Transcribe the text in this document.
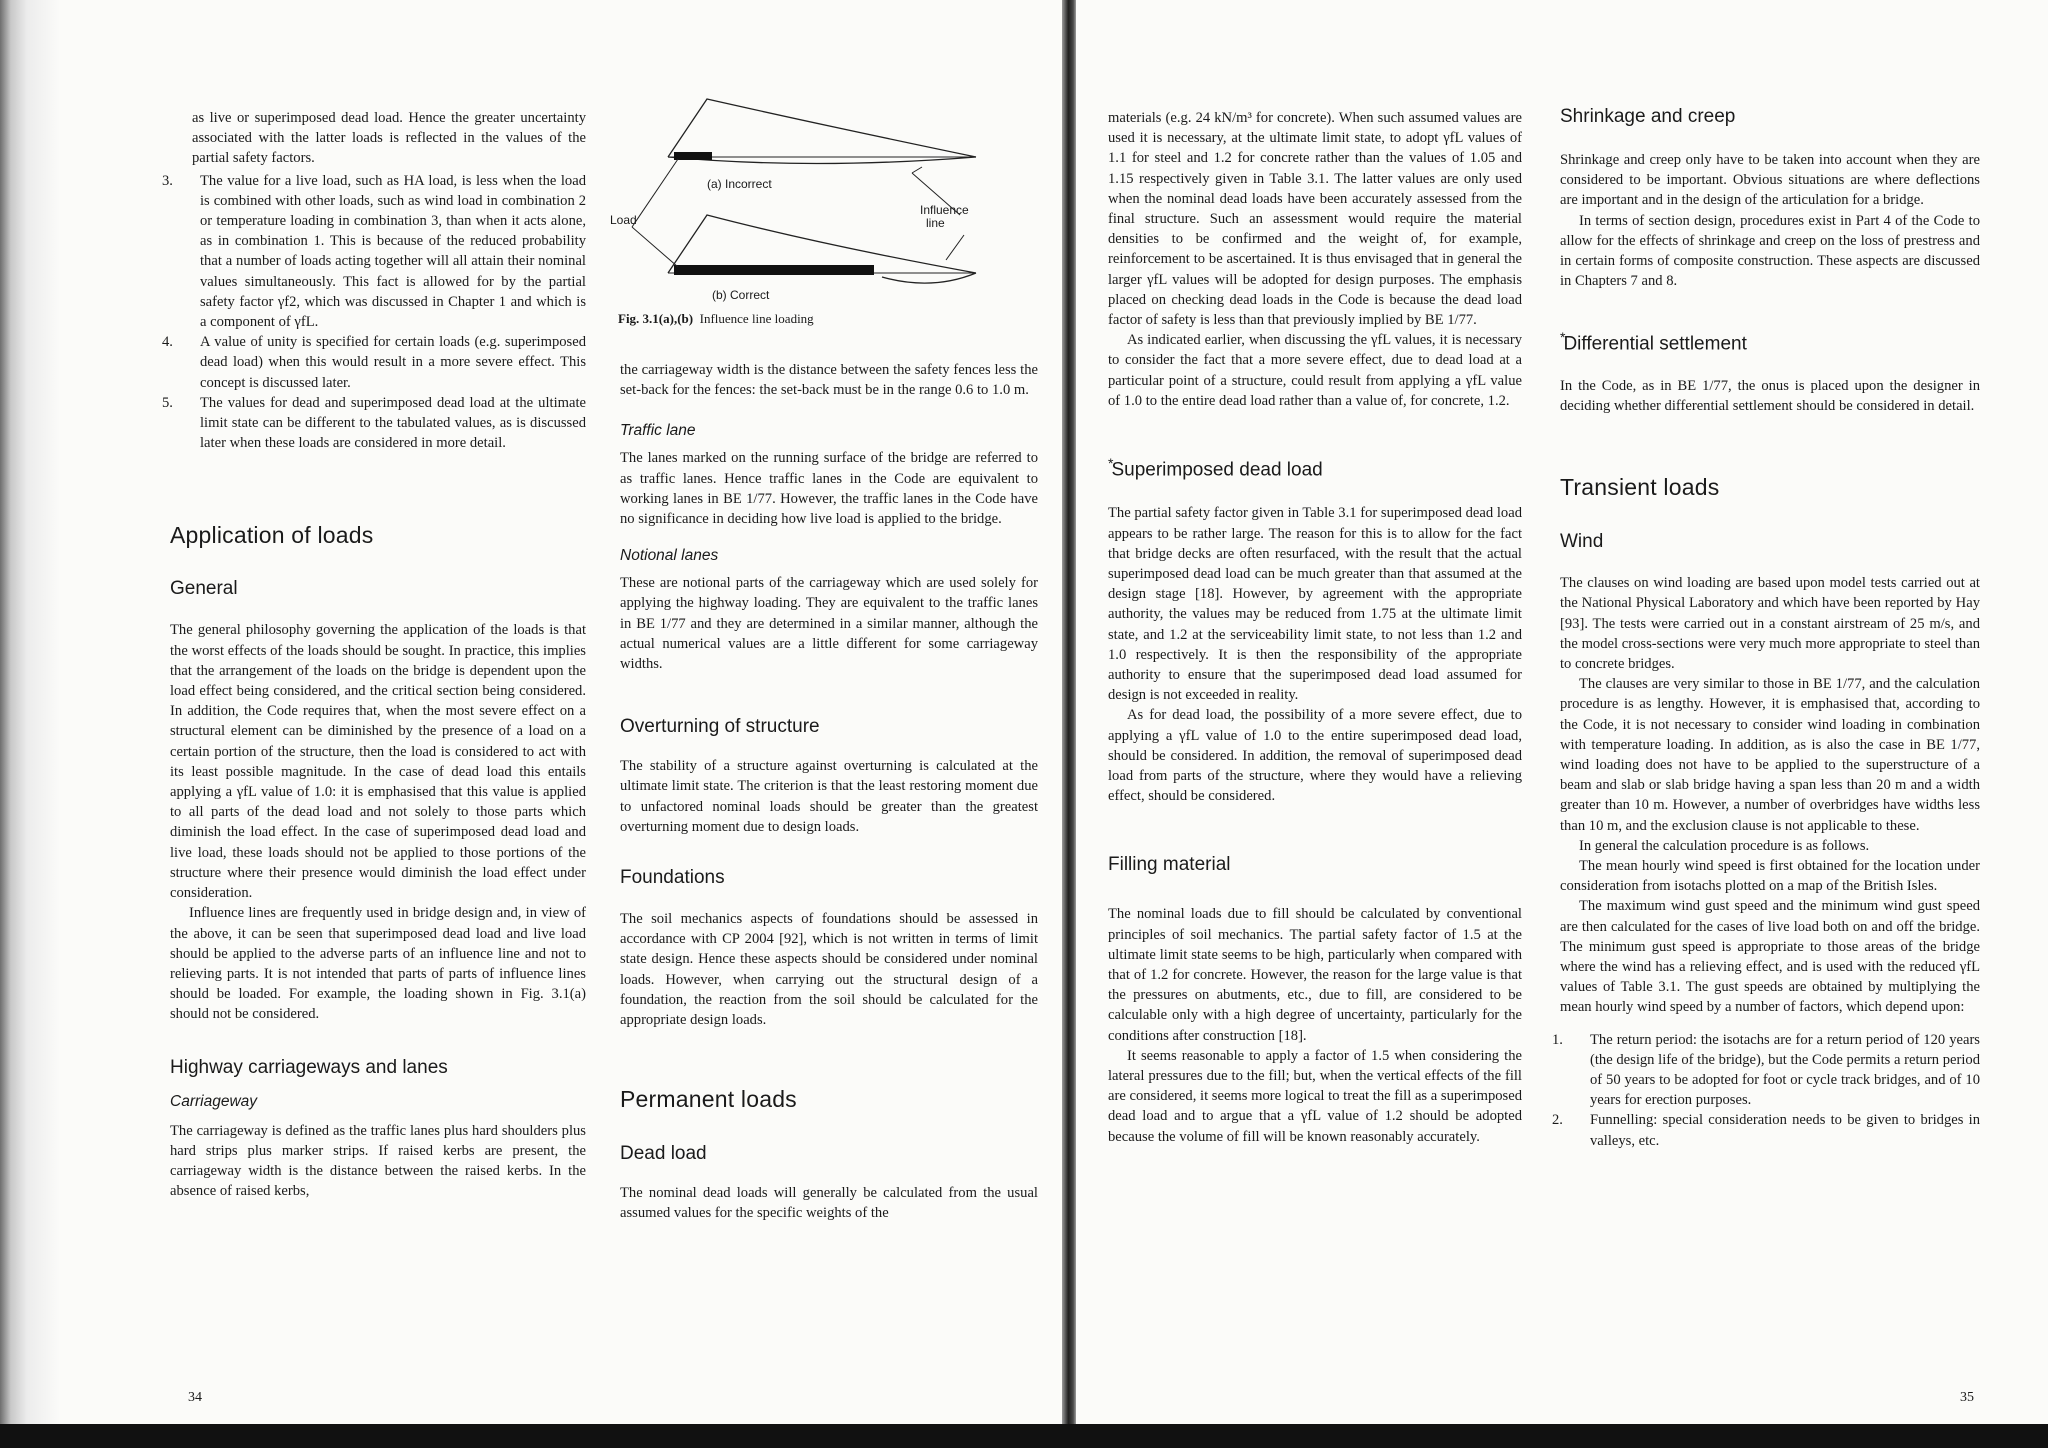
as live or superimposed dead load. Hence the greater uncertainty associated with the latter loads is reflected in the values of the partial safety factors.

3.	The value for a live load, such as HA load, is less when the load is combined with other loads, such as wind load in combination 2 or temperature loading in combination 3, than when it acts alone, as in combination 1. This is because of the reduced probability that a number of loads acting together will all attain their nominal values simultaneously. This fact is allowed for by the partial safety factor γf2, which was discussed in Chapter 1 and which is a component of γfL.
4.	A value of unity is specified for certain loads (e.g. superimposed dead load) when this would result in a more severe effect. This concept is discussed later.
5.	The values for dead and superimposed dead load at the ultimate limit state can be different to the tabulated values, as is discussed later when these loads are considered in more detail.
Application of loads
General

The general philosophy governing the application of the loads is that the worst effects of the loads should be sought. In practice, this implies that the arrangement of the loads on the bridge is dependent upon the load effect being considered, and the critical section being considered. In addition, the Code requires that, when the most severe effect on a structural element can be diminished by the presence of a load on a certain portion of the structure, then the load is considered to act with its least possible magnitude. In the case of dead load this entails applying a γfL value of 1.0: it is emphasised that this value is applied to all parts of the dead load and not solely to those parts which diminish the load effect. In the case of superimposed dead load and live load, these loads should not be applied to those portions of the structure where their presence would diminish the load effect under consideration.

Influence lines are frequently used in bridge design and, in view of the above, it can be seen that superimposed dead load and live load should be applied to the adverse parts of an influence line and not to relieving parts. It is not intended that parts of parts of influence lines should be loaded. For example, the loading shown in Fig. 3.1(a) should not be considered.

Highway carriageways and lanes
Carriageway

The carriageway is defined as the traffic lanes plus hard shoulders plus hard strips plus marker strips. If raised kerbs are present, the carriageway width is the distance between the raised kerbs. In the absence of raised kerbs,

34
(a) Incorrect
(b) Correct
Load
Influence
line
Fig. 3.1(a),(b) Influence line loading

the carriageway width is the distance between the safety fences less the set-back for the fences: the set-back must be in the range 0.6 to 1.0 m.

Traffic lane

The lanes marked on the running surface of the bridge are referred to as traffic lanes. Hence traffic lanes in the Code are equivalent to working lanes in BE 1/77. However, the traffic lanes in the Code have no significance in deciding how live load is applied to the bridge.

Notional lanes

These are notional parts of the carriageway which are used solely for applying the highway loading. They are equivalent to the traffic lanes in BE 1/77 and they are determined in a similar manner, although the actual numerical values are a little different for some carriageway widths.

Overturning of structure

The stability of a structure against overturning is calculated at the ultimate limit state. The criterion is that the least restoring moment due to unfactored nominal loads should be greater than the greatest overturning moment due to design loads.

Foundations

The soil mechanics aspects of foundations should be assessed in accordance with CP 2004 [92], which is not written in terms of limit state design. Hence these aspects should be considered under nominal loads. However, when carrying out the structural design of a foundation, the reaction from the soil should be calculated for the appropriate design loads.

Permanent loads
Dead load

The nominal dead loads will generally be calculated from the usual assumed values for the specific weights of the

materials (e.g. 24 kN/m³ for concrete). When such assumed values are used it is necessary, at the ultimate limit state, to adopt γfL values of 1.1 for steel and 1.2 for concrete rather than the values of 1.05 and 1.15 respectively given in Table 3.1. The latter values are only used when the nominal dead loads have been accurately assessed from the final structure. Such an assessment would require the material densities to be confirmed and the weight of, for example, reinforcement to be ascertained. It is thus envisaged that in general the larger γfL values will be adopted for design purposes. The emphasis placed on checking dead loads in the Code is because the dead load factor of safety is less than that previously implied by BE 1/77.

As indicated earlier, when discussing the γfL values, it is necessary to consider the fact that a more severe effect, due to dead load at a particular point of a structure, could result from applying a γfL value of 1.0 to the entire dead load rather than a value of, for concrete, 1.2.

*Superimposed dead load

The partial safety factor given in Table 3.1 for superimposed dead load appears to be rather large. The reason for this is to allow for the fact that bridge decks are often resurfaced, with the result that the actual superimposed dead load can be much greater than that assumed at the design stage [18]. However, by agreement with the appropriate authority, the values may be reduced from 1.75 at the ultimate limit state, and 1.2 at the serviceability limit state, to not less than 1.2 and 1.0 respectively. It is then the responsibility of the appropriate authority to ensure that the superimposed dead load assumed for design is not exceeded in reality.

As for dead load, the possibility of a more severe effect, due to applying a γfL value of 1.0 to the entire superimposed dead load, should be considered. In addition, the removal of superimposed dead load from parts of the structure, where they would have a relieving effect, should be considered.

Filling material

The nominal loads due to fill should be calculated by conventional principles of soil mechanics. The partial safety factor of 1.5 at the ultimate limit state seems to be high, particularly when compared with that of 1.2 for concrete. However, the reason for the large value is that the pressures on abutments, etc., due to fill, are considered to be calculable only with a high degree of uncertainty, particularly for the conditions after construction [18].

It seems reasonable to apply a factor of 1.5 when considering the lateral pressures due to the fill; but, when the vertical effects of the fill are considered, it seems more logical to treat the fill as a superimposed dead load and to argue that a γfL value of 1.2 should be adopted because the volume of fill will be known reasonably accurately.

Shrinkage and creep

Shrinkage and creep only have to be taken into account when they are considered to be important. Obvious situations are where deflections are important and in the design of the articulation for a bridge.

In terms of section design, procedures exist in Part 4 of the Code to allow for the effects of shrinkage and creep on the loss of prestress and in certain forms of composite construction. These aspects are discussed in Chapters 7 and 8.

*Differential settlement

In the Code, as in BE 1/77, the onus is placed upon the designer in deciding whether differential settlement should be considered in detail.

Transient loads
Wind

The clauses on wind loading are based upon model tests carried out at the National Physical Laboratory and which have been reported by Hay [93]. The tests were carried out in a constant airstream of 25 m/s, and the model cross-sections were very much more appropriate to steel than to concrete bridges.

The clauses are very similar to those in BE 1/77, and the calculation procedure is as lengthy. However, it is emphasised that, according to the Code, it is not necessary to consider wind loading in combination with temperature loading. In addition, as is also the case in BE 1/77, wind loading does not have to be applied to the superstructure of a beam and slab or slab bridge having a span less than 20 m and a width greater than 10 m. However, a number of overbridges have widths less than 10 m, and the exclusion clause is not applicable to these.

In general the calculation procedure is as follows.

The mean hourly wind speed is first obtained for the location under consideration from isotachs plotted on a map of the British Isles.

The maximum wind gust speed and the minimum wind gust speed are then calculated for the cases of live load both on and off the bridge. The minimum gust speed is appropriate to those areas of the bridge where the wind has a relieving effect, and is used with the reduced γfL values of Table 3.1. The gust speeds are obtained by multiplying the mean hourly wind speed by a number of factors, which depend upon:

1.	The return period: the isotachs are for a return period of 120 years (the design life of the bridge), but the Code permits a return period of 50 years to be adopted for foot or cycle track bridges, and of 10 years for erection purposes.
2.	Funnelling: special consideration needs to be given to bridges in valleys, etc.
35
